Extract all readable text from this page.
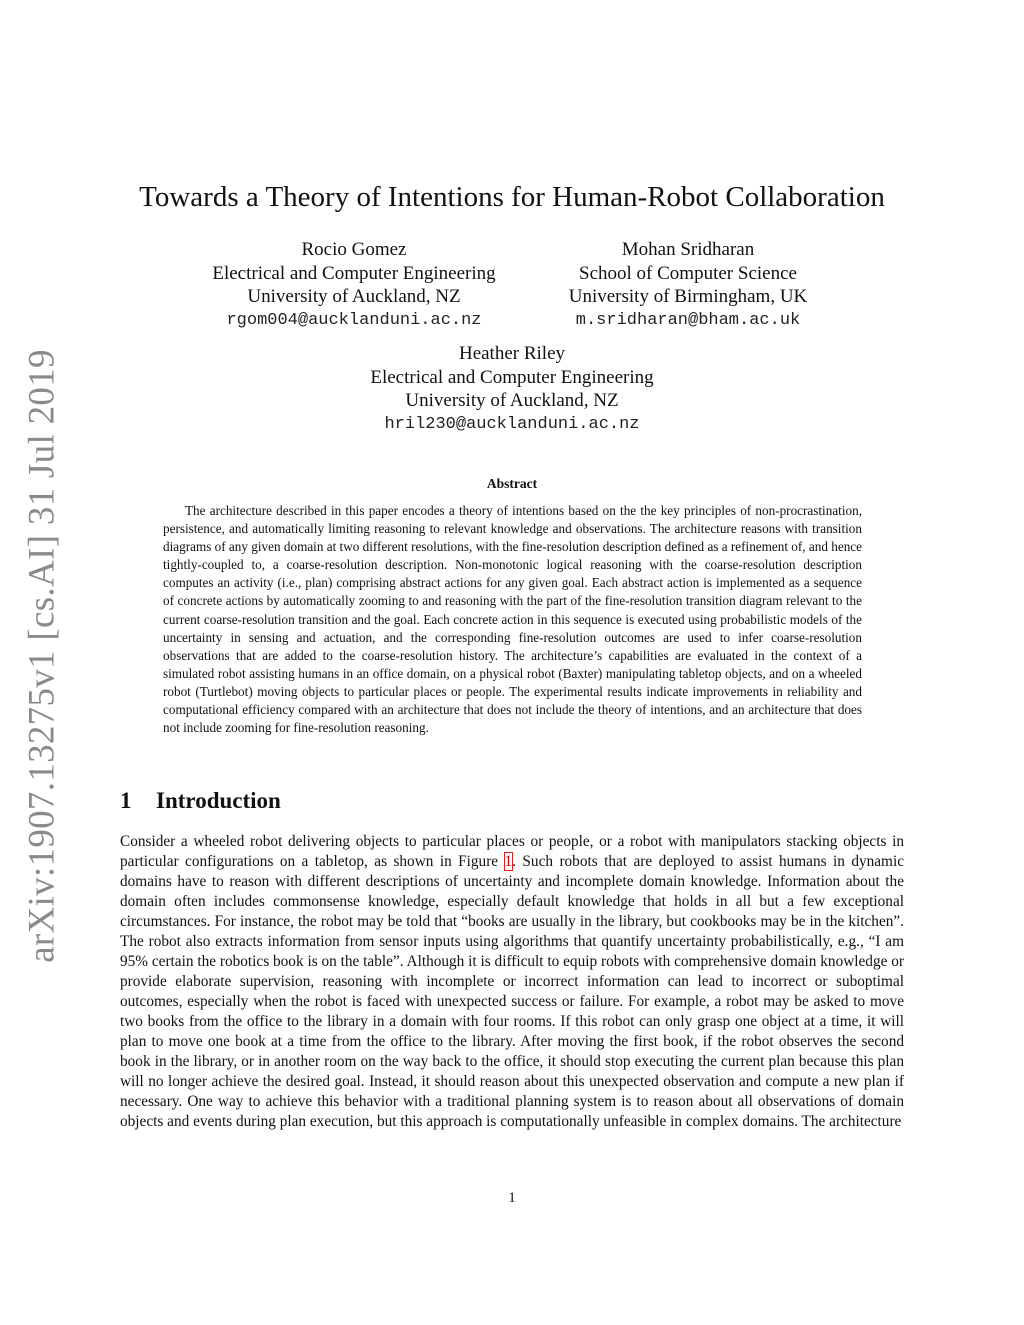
arXiv:1907.13275v1 [cs.AI] 31 Jul 2019
Towards a Theory of Intentions for Human-Robot Collaboration
Rocio Gomez
Electrical and Computer Engineering
University of Auckland, NZ
rgom004@aucklanduni.ac.nz
Mohan Sridharan
School of Computer Science
University of Birmingham, UK
m.sridharan@bham.ac.uk
Heather Riley
Electrical and Computer Engineering
University of Auckland, NZ
hril230@aucklanduni.ac.nz
Abstract
The architecture described in this paper encodes a theory of intentions based on the the key principles of non-procrastination, persistence, and automatically limiting reasoning to relevant knowledge and observations. The architecture reasons with transition diagrams of any given domain at two different resolutions, with the fine-resolution description defined as a refinement of, and hence tightly-coupled to, a coarse-resolution description. Non-monotonic logical reasoning with the coarse-resolution description computes an activity (i.e., plan) comprising abstract actions for any given goal. Each abstract action is implemented as a sequence of concrete actions by automatically zooming to and reasoning with the part of the fine-resolution transition diagram relevant to the current coarse-resolution transition and the goal. Each concrete action in this sequence is executed using probabilistic models of the uncertainty in sensing and actuation, and the corresponding fine-resolution outcomes are used to infer coarse-resolution observations that are added to the coarse-resolution history. The architecture’s capabilities are evaluated in the context of a simulated robot assisting humans in an office domain, on a physical robot (Baxter) manipulating tabletop objects, and on a wheeled robot (Turtlebot) moving objects to particular places or people. The experimental results indicate improvements in reliability and computational efficiency compared with an architecture that does not include the theory of intentions, and an architecture that does not include zooming for fine-resolution reasoning.
1 Introduction
Consider a wheeled robot delivering objects to particular places or people, or a robot with manipulators stacking objects in particular configurations on a tabletop, as shown in Figure 1. Such robots that are deployed to assist humans in dynamic domains have to reason with different descriptions of uncertainty and incomplete domain knowledge. Information about the domain often includes commonsense knowledge, especially default knowledge that holds in all but a few exceptional circumstances. For instance, the robot may be told that “books are usually in the library, but cookbooks may be in the kitchen”. The robot also extracts information from sensor inputs using algorithms that quantify uncertainty probabilistically, e.g., “I am 95% certain the robotics book is on the table”. Although it is difficult to equip robots with comprehensive domain knowledge or provide elaborate supervision, reasoning with incomplete or incorrect information can lead to incorrect or suboptimal outcomes, especially when the robot is faced with unexpected success or failure. For example, a robot may be asked to move two books from the office to the library in a domain with four rooms. If this robot can only grasp one object at a time, it will plan to move one book at a time from the office to the library. After moving the first book, if the robot observes the second book in the library, or in another room on the way back to the office, it should stop executing the current plan because this plan will no longer achieve the desired goal. Instead, it should reason about this unexpected observation and compute a new plan if necessary. One way to achieve this behavior with a traditional planning system is to reason about all observations of domain objects and events during plan execution, but this approach is computationally unfeasible in complex domains. The architecture
1
